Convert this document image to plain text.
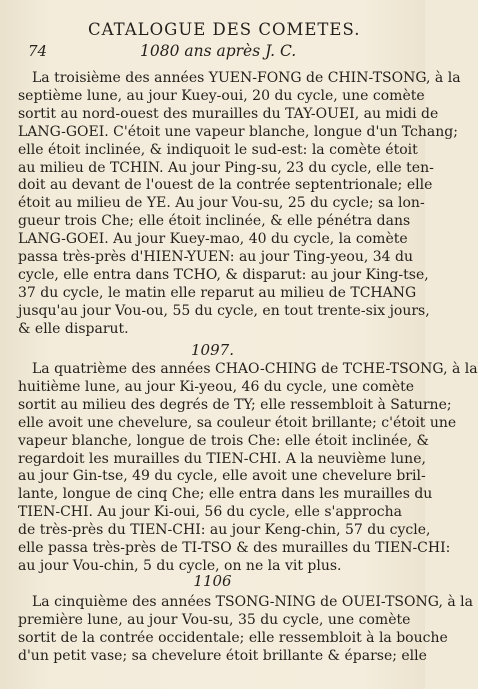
74
CATALOGUE DES COMETES.
1080 ans après J. C.
La troisième des années YUEN-FONG de CHIN-TSONG, à la
septième lune, au jour Kuey-oui, 20 du cycle, une comète
sortit au nord-ouest des murailles du TAY-OUEI, au midi de
LANG-GOEI. C'étoit une vapeur blanche, longue d'un Tchang;
elle étoit inclinée, & indiquoit le sud-est: la comète étoit
au milieu de TCHIN. Au jour Ping-su, 23 du cycle, elle ten-
doit au devant de l'ouest de la contrée septentrionale; elle
étoit au milieu de YE. Au jour Vou-su, 25 du cycle; sa lon-
gueur trois Che; elle étoit inclinée, & elle pénétra dans
LANG-GOEI. Au jour Kuey-mao, 40 du cycle, la comète
passa très-près d'HIEN-YUEN: au jour Ting-yeou, 34 du
cycle, elle entra dans TCHO, & disparut: au jour King-tse,
37 du cycle, le matin elle reparut au milieu de TCHANG
jusqu'au jour Vou-ou, 55 du cycle, en tout trente-six jours,
& elle disparut.
1097.
La quatrième des années CHAO-CHING de TCHE-TSONG, à la
huitième lune, au jour Ki-yeou, 46 du cycle, une comète
sortit au milieu des degrés de TY; elle ressembloit à Saturne;
elle avoit une chevelure, sa couleur étoit brillante; c'étoit une
vapeur blanche, longue de trois Che: elle étoit inclinée, &
regardoit les murailles du TIEN-CHI. A la neuvième lune,
au jour Gin-tse, 49 du cycle, elle avoit une chevelure bril-
lante, longue de cinq Che; elle entra dans les murailles du
TIEN-CHI. Au jour Ki-oui, 56 du cycle, elle s'approcha
de très-près du TIEN-CHI: au jour Keng-chin, 57 du cycle,
elle passa très-près de TI-TSO & des murailles du TIEN-CHI:
au jour Vou-chin, 5 du cycle, on ne la vit plus.
1106
La cinquième des années TSONG-NING de OUEI-TSONG, à la
première lune, au jour Vou-su, 35 du cycle, une comète
sortit de la contrée occidentale; elle ressembloit à la bouche
d'un petit vase; sa chevelure étoit brillante & éparse; elle
